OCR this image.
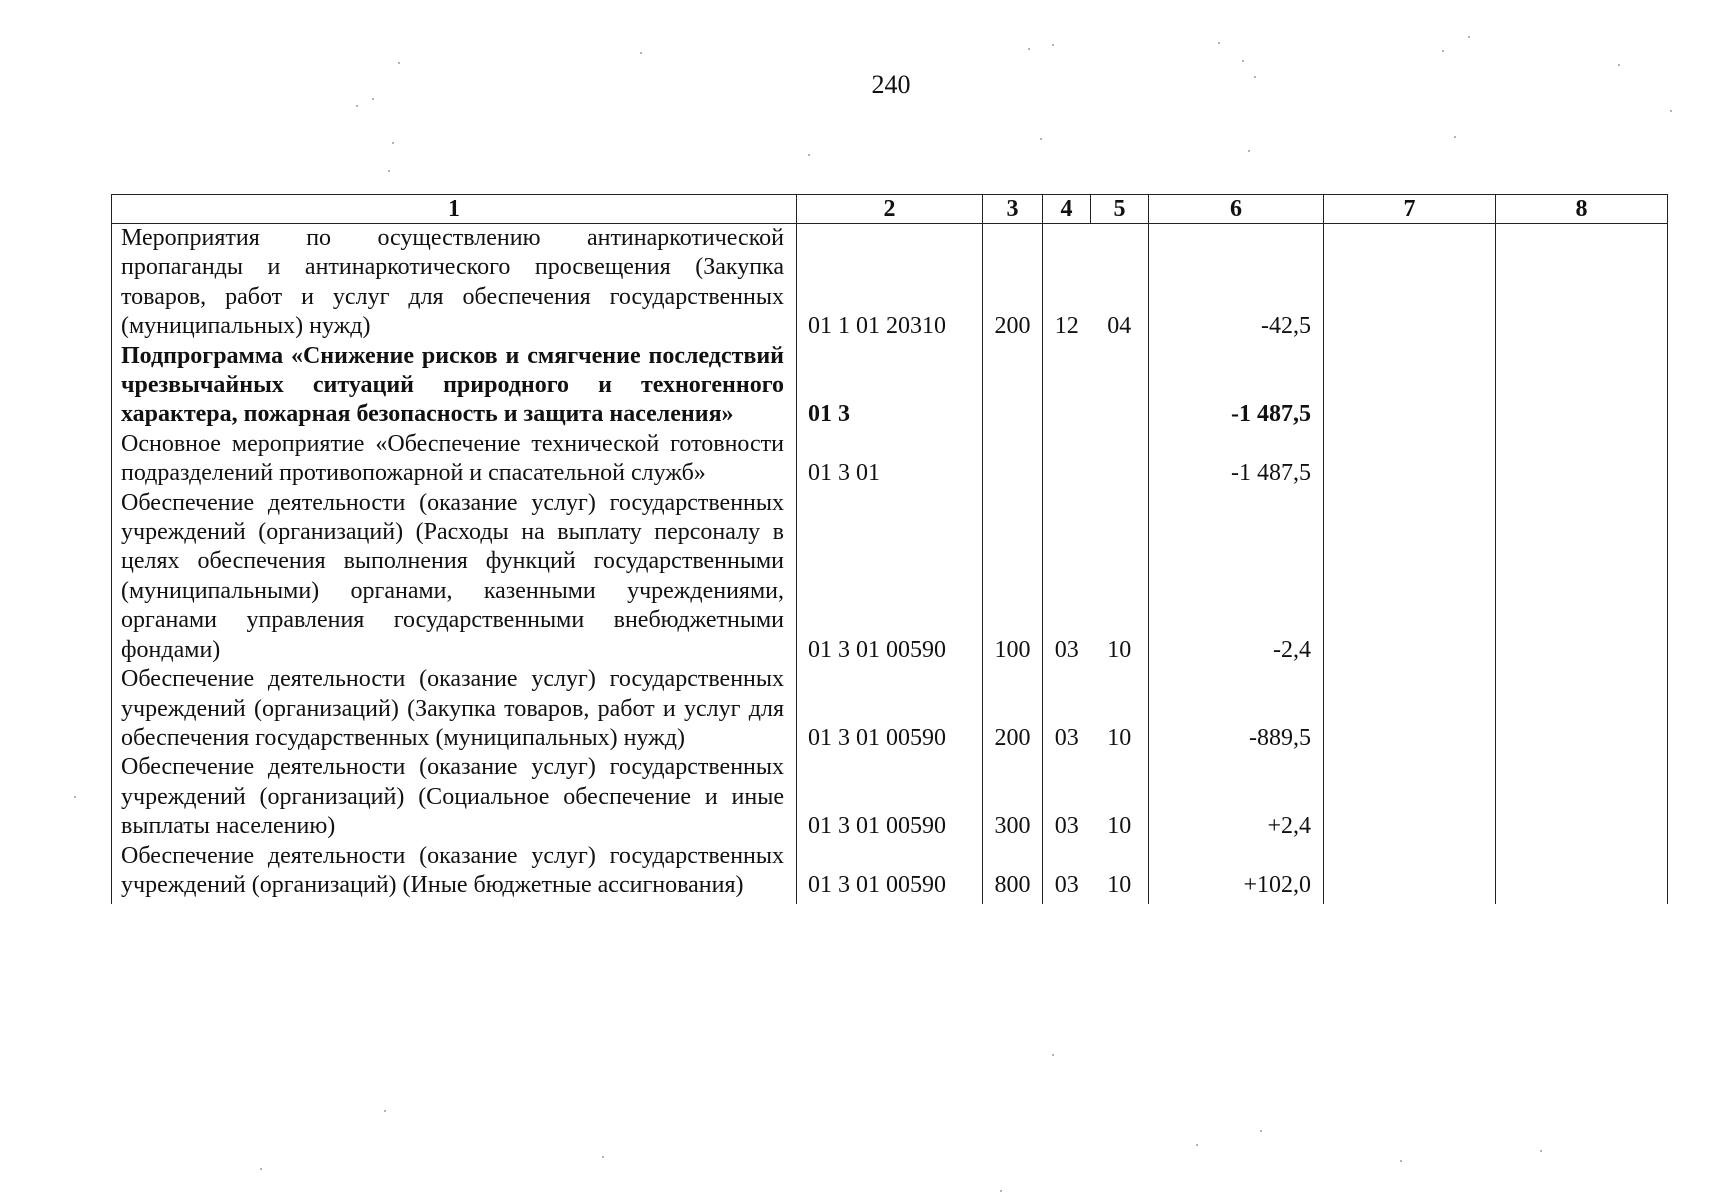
240
1	2	3	4	5	6	7	8
Мероприятия по осуществлению антинаркотической пропаганды и антинаркотического просвещения (Закупка товаров, работ и услуг для обеспечения государственных (муниципальных) нужд)	01 1 01 20310	200	12	04	-42,5		
Подпрограмма «Снижение рисков и смягчение последствий чрезвычайных ситуаций природного и техногенного характера, пожарная безопасность и защита населения»	01 3				-1 487,5		
Основное мероприятие «Обеспечение технической готовности подразделений противопожарной и спасательной служб»	01 3 01				-1 487,5		
Обеспечение деятельности (оказание услуг) государственных учреждений (организаций) (Расходы на выплату персоналу в целях обеспечения выполнения функций государственными (муниципальными) органами, казенными учреждениями, органами управления государственными внебюджетными фондами)	01 3 01 00590	100	03	10	-2,4		
Обеспечение деятельности (оказание услуг) государственных учреждений (организаций) (Закупка товаров, работ и услуг для обеспечения государственных (муниципальных) нужд)	01 3 01 00590	200	03	10	-889,5		
Обеспечение деятельности (оказание услуг) государственных учреждений (организаций) (Социальное обеспечение и иные выплаты населению)	01 3 01 00590	300	03	10	+2,4		
Обеспечение деятельности (оказание услуг) государственных учреждений (организаций) (Иные бюджетные ассигнования)	01 3 01 00590	800	03	10	+102,0		
